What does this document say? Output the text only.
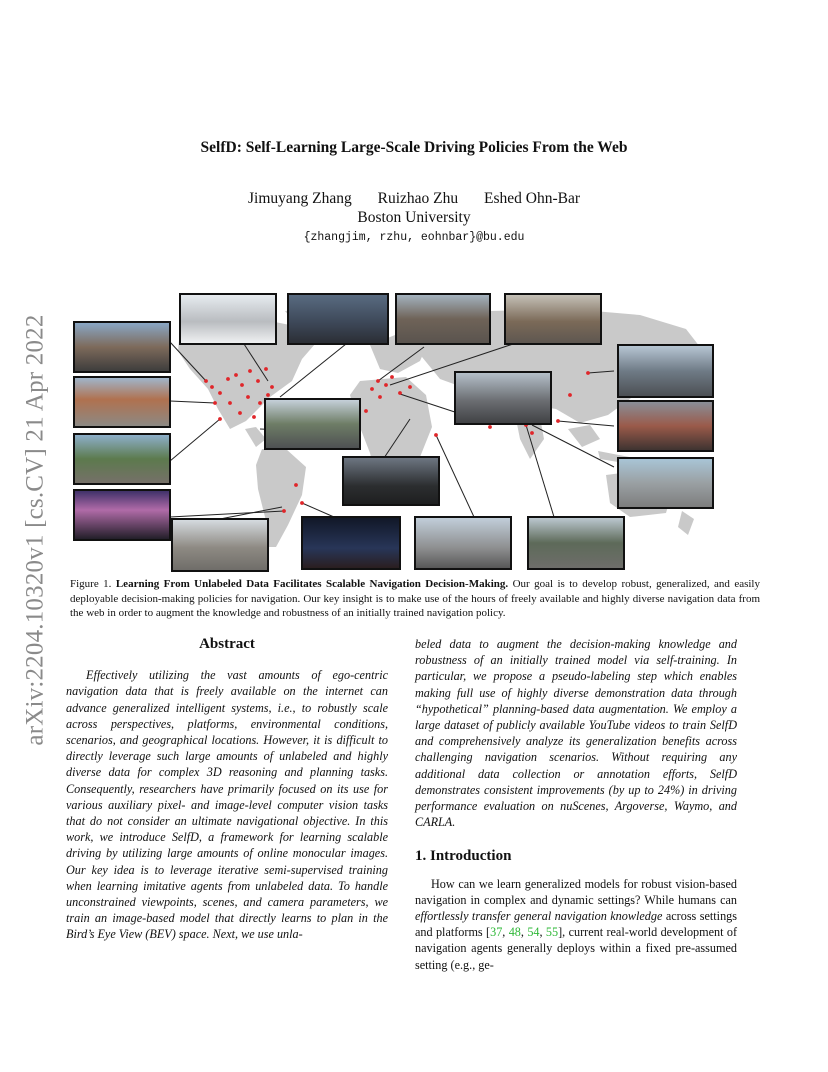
arXiv:2204.10320v1 [cs.CV] 21 Apr 2022
SelfD: Self-Learning Large-Scale Driving Policies From the Web
Jimuyang Zhang Ruizhao Zhu Eshed Ohn-Bar
Boston University
{zhangjim, rzhu, eohnbar}@bu.edu
Figure 1. Learning From Unlabeled Data Facilitates Scalable Navigation Decision-Making. Our goal is to develop robust, generalized, and easily deployable decision-making policies for navigation. Our key insight is to make use of the hours of freely available and highly diverse navigation data from the web in order to augment the knowledge and robustness of an initially trained navigation policy.
Abstract

Effectively utilizing the vast amounts of ego-centric navigation data that is freely available on the internet can advance generalized intelligent systems, i.e., to robustly scale across perspectives, platforms, environmental conditions, scenarios, and geographical locations. However, it is difficult to directly leverage such large amounts of unlabeled and highly diverse data for complex 3D reasoning and planning tasks. Consequently, researchers have primarily focused on its use for various auxiliary pixel- and image-level computer vision tasks that do not consider an ultimate navigational objective. In this work, we introduce SelfD, a framework for learning scalable driving by utilizing large amounts of online monocular images. Our key idea is to leverage iterative semi-supervised training when learning imitative agents from unlabeled data. To handle unconstrained viewpoints, scenes, and camera parameters, we train an image-based model that directly learns to plan in the Bird’s Eye View (BEV) space. Next, we use unla-

beled data to augment the decision-making knowledge and robustness of an initially trained model via self-training. In particular, we propose a pseudo-labeling step which enables making full use of highly diverse demonstration data through “hypothetical” planning-based data augmentation. We employ a large dataset of publicly available YouTube videos to train SelfD and comprehensively analyze its generalization benefits across challenging navigation scenarios. Without requiring any additional data collection or annotation efforts, SelfD demonstrates consistent improvements (by up to 24%) in driving performance evaluation on nuScenes, Argoverse, Waymo, and CARLA.

1. Introduction

How can we learn generalized models for robust vision-based navigation in complex and dynamic settings? While humans can effortlessly transfer general navigation knowledge across settings and platforms [37, 48, 54, 55], current real-world development of navigation agents generally deploys within a fixed pre-assumed setting (e.g., ge-
